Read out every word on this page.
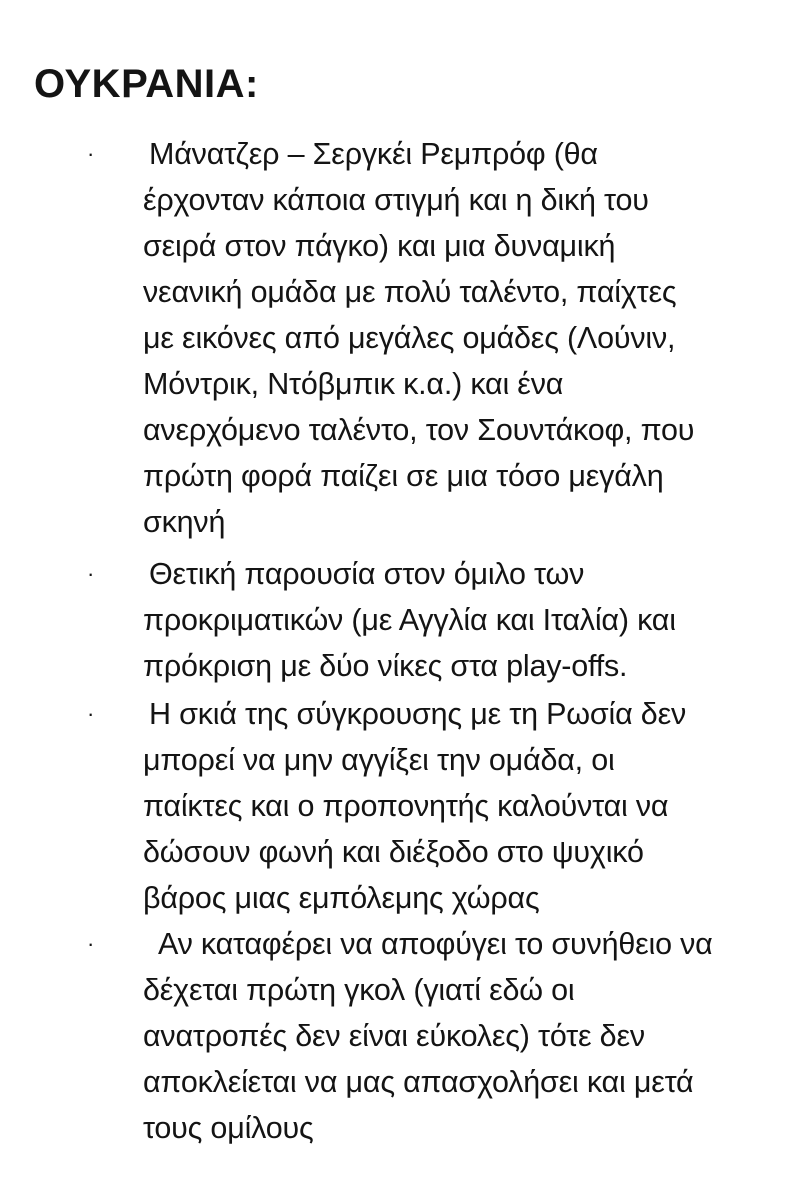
ΟΥΚΡΑΝΙΑ:
· Μάνατζερ – Σεργκέι Ρεμπρόφ (θα
έρχονταν κάποια στιγμή και η δική του
σειρά στον πάγκο) και μια δυναμική
νεανική ομάδα με πολύ ταλέντο, παίχτες
με εικόνες από μεγάλες ομάδες (Λούνιν,
Μόντρικ, Ντόβμπικ κ.α.) και ένα
ανερχόμενο ταλέντο, τον Σουντάκοφ, που
πρώτη φορά παίζει σε μια τόσο μεγάλη
σκηνή
· Θετική παρουσία στον όμιλο των
προκριματικών (με Αγγλία και Ιταλία) και
πρόκριση με δύο νίκες στα play-offs.
· Η σκιά της σύγκρουσης με τη Ρωσία δεν
μπορεί να μην αγγίξει την ομάδα, οι
παίκτες και ο προπονητής καλούνται να
δώσουν φωνή και διέξοδο στο ψυχικό
βάρος μιας εμπόλεμης χώρας
·	Αν καταφέρει να αποφύγει το συνήθειο να
δέχεται πρώτη γκολ (γιατί εδώ οι
ανατροπές δεν είναι εύκολες) τότε δεν
αποκλείεται να μας απασχολήσει και μετά
τους ομίλους
